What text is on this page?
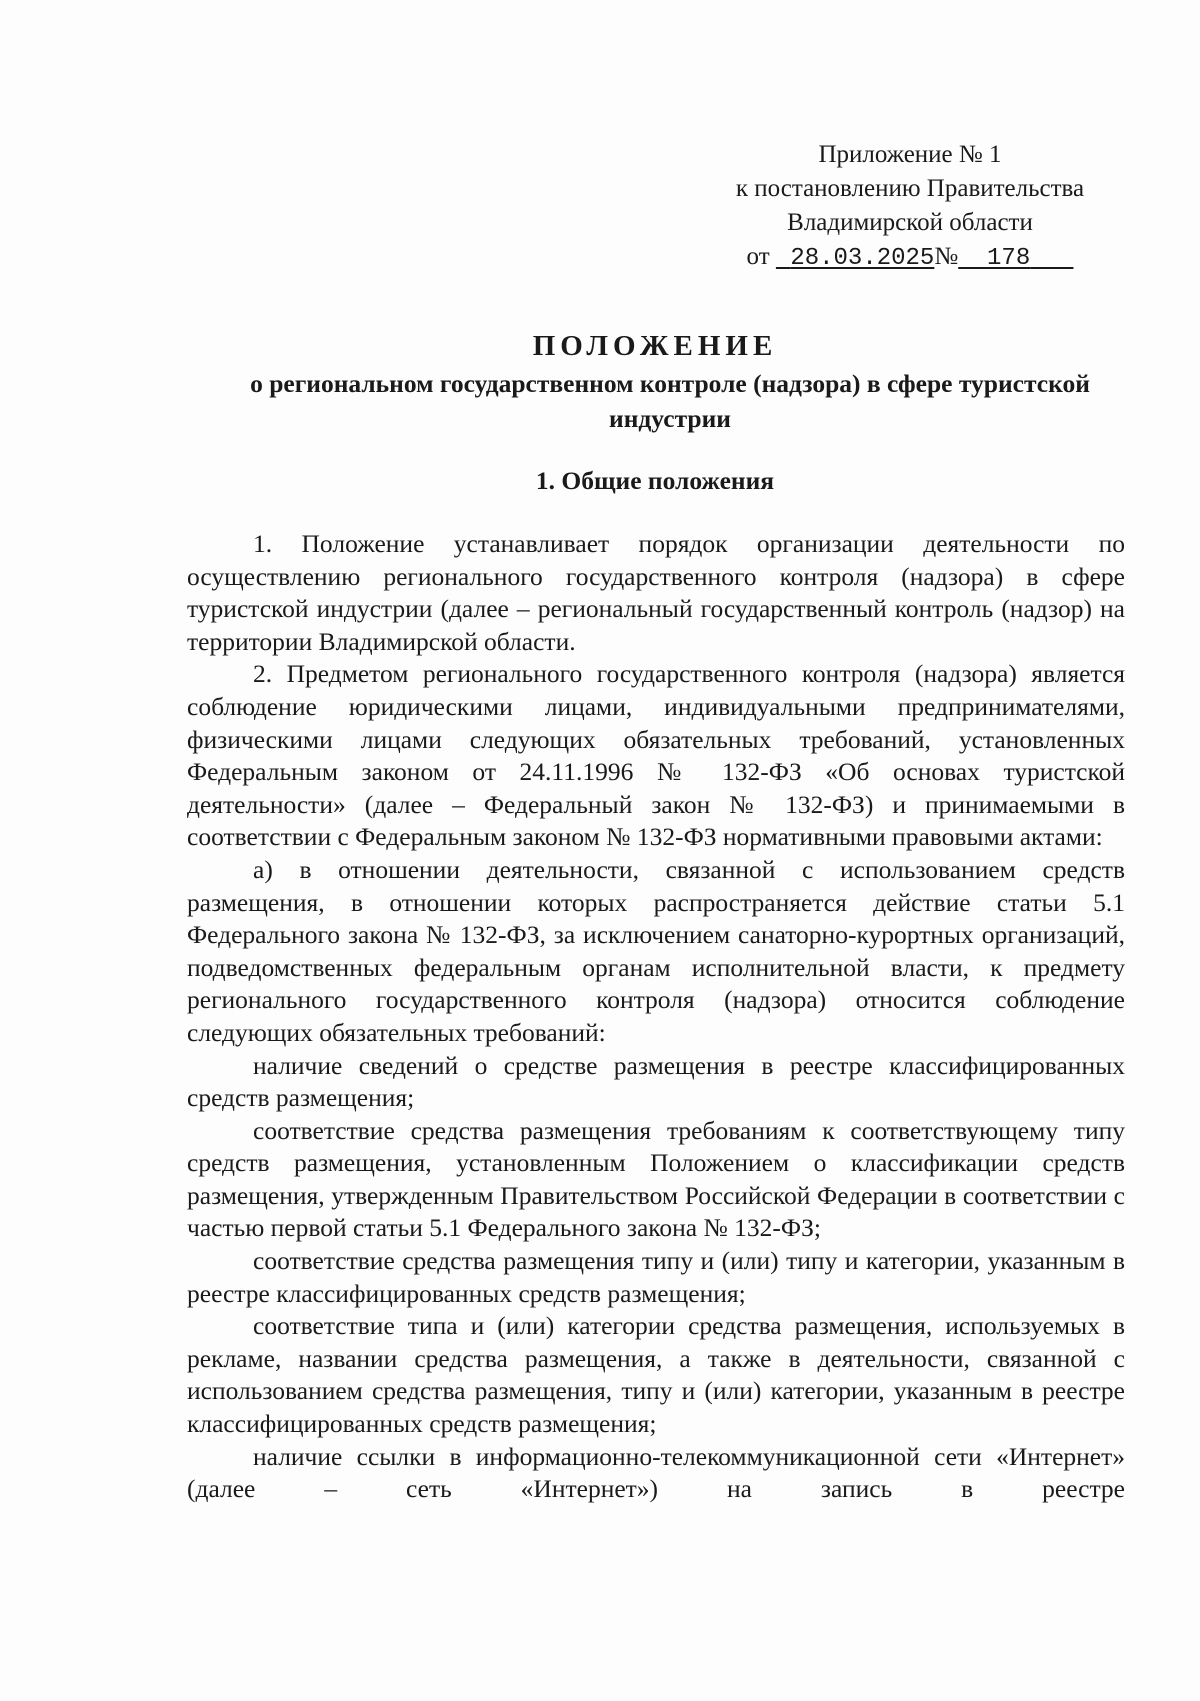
Приложение № 1
к постановлению Правительства
Владимирской области
от 28.03.2025№ 178
ПОЛОЖЕНИЕ
о региональном государственном контроле (надзора) в сфере туристской индустрии
1. Общие положения

1. Положение устанавливает порядок организации деятельности по осуществлению регионального государственного контроля (надзора) в сфере туристской индустрии (далее – региональный государственный контроль (надзор) на территории Владимирской области.

2. Предметом регионального государственного контроля (надзора) является соблюдение юридическими лицами, индивидуальными предпринимателями, физическими лицами следующих обязательных требований, установленных Федеральным законом от 24.11.1996 № 132-ФЗ «Об основах туристской деятельности» (далее – Федеральный закон № 132-ФЗ) и принимаемыми в соответствии с Федеральным законом № 132-ФЗ нормативными правовыми актами:

а) в отношении деятельности, связанной с использованием средств размещения, в отношении которых распространяется действие статьи 5.1 Федерального закона № 132-ФЗ, за исключением санаторно-курортных организаций, подведомственных федеральным органам исполнительной власти, к предмету регионального государственного контроля (надзора) относится соблюдение следующих обязательных требований:

наличие сведений о средстве размещения в реестре классифицированных средств размещения;

соответствие средства размещения требованиям к соответствующему типу средств размещения, установленным Положением о классификации средств размещения, утвержденным Правительством Российской Федерации в соответствии с частью первой статьи 5.1 Федерального закона № 132-ФЗ;

соответствие средства размещения типу и (или) типу и категории, указанным в реестре классифицированных средств размещения;

соответствие типа и (или) категории средства размещения, используемых в рекламе, названии средства размещения, а также в деятельности, связанной с использованием средства размещения, типу и (или) категории, указанным в реестре классифицированных средств размещения;

наличие ссылки в информационно-телекоммуникационной сети «Интернет» (далее – сеть «Интернет») на запись в реестре
